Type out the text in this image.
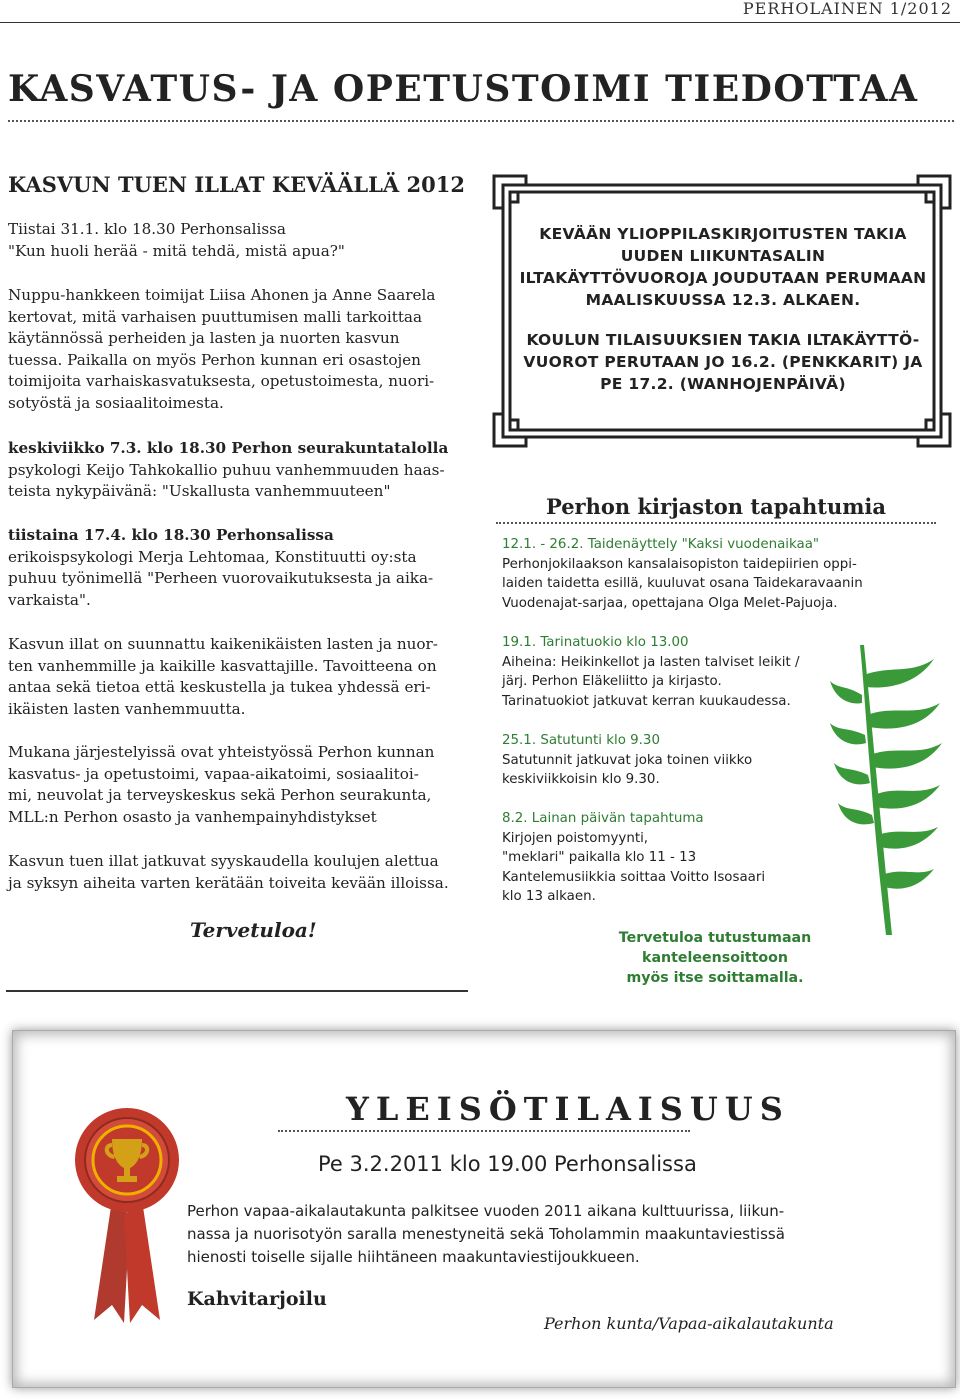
PERHOLAINEN 1/2012
KASVATUS- JA OPETUSTOIMI TIEDOTTAA
KASVUN TUEN ILLAT KEVÄÄLLÄ 2012

Tiistai 31.1. klo 18.30 Perhonsalissa

"Kun huoli herää - mitä tehdä, mistä apua?"

Nuppu-hankkeen toimijat Liisa Ahonen ja Anne Saarela

kertovat, mitä varhaisen puuttumisen malli tarkoittaa

käytännössä perheiden ja lasten ja nuorten kasvun

tuessa. Paikalla on myös Perhon kunnan eri osastojen

toimijoita varhaiskasvatuksesta, opetustoimesta, nuori-

sotyöstä ja sosiaalitoimesta.

keskiviikko 7.3. klo 18.30 Perhon seurakuntatalolla

psykologi Keijo Tahkokallio puhuu vanhemmuuden haas-

teista nykypäivänä: "Uskallusta vanhemmuuteen"

tiistaina 17.4. klo 18.30 Perhonsalissa

erikoispsykologi Merja Lehtomaa, Konstituutti oy:sta

puhuu työnimellä "Perheen vuorovaikutuksesta ja aika-

varkaista".

Kasvun illat on suunnattu kaikenikäisten lasten ja nuor-

ten vanhemmille ja kaikille kasvattajille. Tavoitteena on

antaa sekä tietoa että keskustella ja tukea yhdessä eri-

ikäisten lasten vanhemmuutta.

Mukana järjestelyissä ovat yhteistyössä Perhon kunnan

kasvatus- ja opetustoimi, vapaa-aikatoimi, sosiaalitoi-

mi, neuvolat ja terveyskeskus sekä Perhon seurakunta,

MLL:n Perhon osasto ja vanhempainyhdistykset

Kasvun tuen illat jatkuvat syyskaudella koulujen alettua

ja syksyn aiheita varten kerätään toiveita kevään illoissa.

Tervetuloa!

KEVÄÄN YLIOPPILASKIRJOITUSTEN TAKIA

UUDEN LIIKUNTASALIN

ILTAKÄYTTÖVUOROJA JOUDUTAAN PERUMAAN

MAALISKUUSSA 12.3. ALKAEN.

KOULUN TILAISUUKSIEN TAKIA ILTAKÄYTTÖ-

VUOROT PERUTAAN JO 16.2. (PENKKARIT) JA

PE 17.2. (WANHOJENPÄIVÄ)

Perhon kirjaston tapahtumia

12.1. - 26.2. Taidenäyttely "Kaksi vuodenaikaa"

Perhonjokilaakson kansalaisopiston taidepiirien oppi-

laiden taidetta esillä, kuuluvat osana Taidekaravaanin

Vuodenajat-sarjaa, opettajana Olga Melet-Pajuoja.

19.1. Tarinatuokio klo 13.00

Aiheina: Heikinkellot ja lasten talviset leikit /

järj. Perhon Eläkeliitto ja kirjasto.

Tarinatuokiot jatkuvat kerran kuukaudessa.

25.1. Satutunti klo 9.30

Satutunnit jatkuvat joka toinen viikko

keskiviikkoisin klo 9.30.

8.2. Lainan päivän tapahtuma

Kirjojen poistomyynti,

"meklari" paikalla klo 11 - 13

Kantelemusiikkia soittaa Voitto Isosaari

klo 13 alkaen.

Tervetuloa tutustumaan
kanteleensoittoon
myös itse soittamalla.
YLEISÖTILAISUUS
Pe 3.2.2011 klo 19.00 Perhonsalissa
Perhon vapaa-aikalautakunta palkitsee vuoden 2011 aikana kulttuurissa, liikun-
nassa ja nuorisotyön saralla menestyneitä sekä Toholammin maakuntaviestissä
hienosti toiselle sijalle hiihtäneen maakuntaviestijoukkueen.
Kahvitarjoilu
Perhon kunta/Vapaa-aikalautakunta
